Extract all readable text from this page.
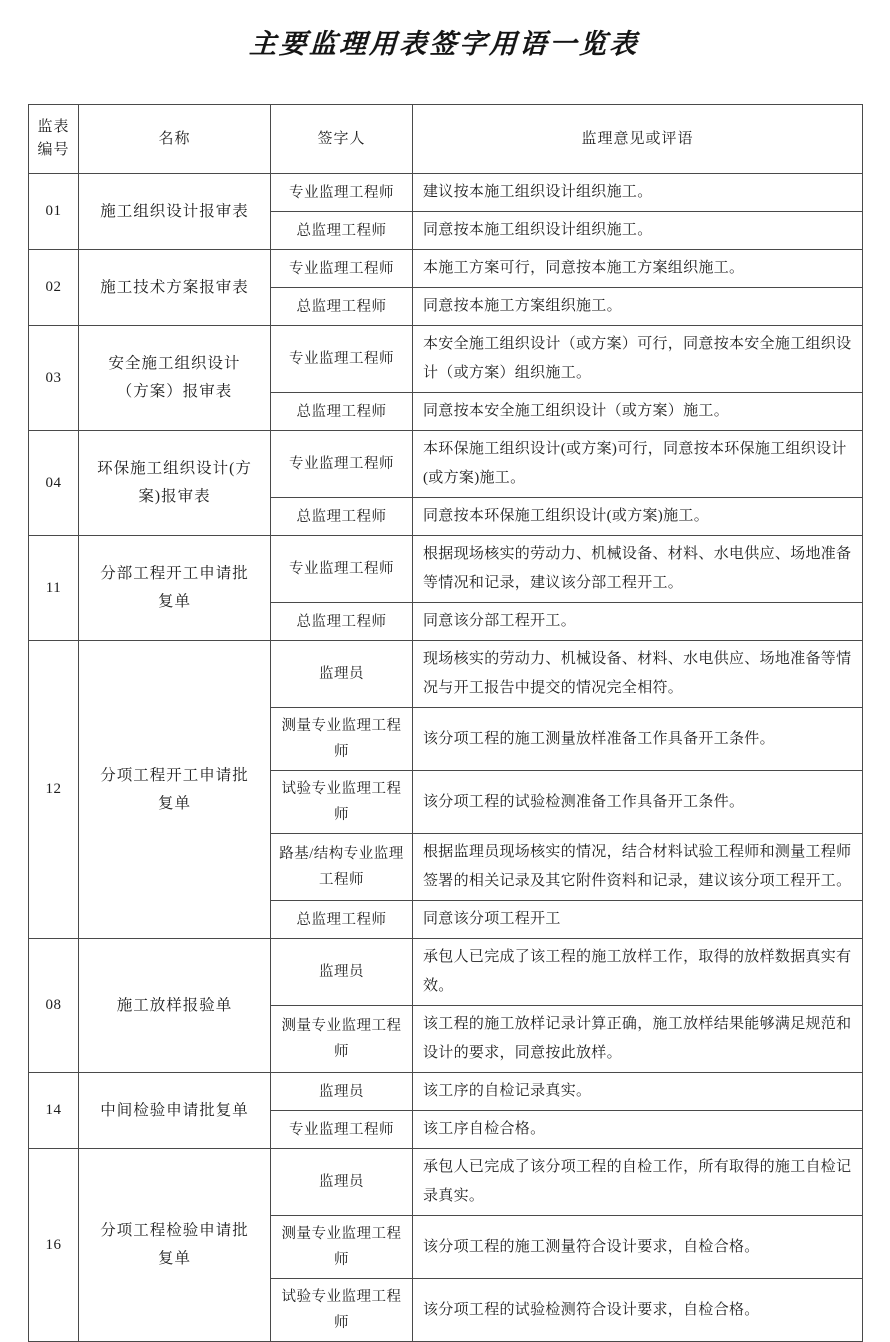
主要监理用表签字用语一览表
监表
编号	名称	签字人	监理意见或评语
01	施工组织设计报审表	专业监理工程师	建议按本施工组织设计组织施工。
		总监理工程师	同意按本施工组织设计组织施工。
02	施工技术方案报审表	专业监理工程师	本施工方案可行，同意按本施工方案组织施工。
		总监理工程师	同意按本施工方案组织施工。
03	安全施工组织设计（方案）报审表	专业监理工程师	本安全施工组织设计（或方案）可行，同意按本安全施工组织设计（或方案）组织施工。
		总监理工程师	同意按本安全施工组织设计（或方案）施工。
04	环保施工组织设计(方案)报审表	专业监理工程师	本环保施工组织设计(或方案)可行，同意按本环保施工组织设计(或方案)施工。
		总监理工程师	同意按本环保施工组织设计(或方案)施工。
11	分部工程开工申请批复单	专业监理工程师	根据现场核实的劳动力、机械设备、材料、水电供应、场地准备等情况和记录，建议该分部工程开工。
		总监理工程师	同意该分部工程开工。
12	分项工程开工申请批复单	监理员	现场核实的劳动力、机械设备、材料、水电供应、场地准备等情况与开工报告中提交的情况完全相符。
		测量专业监理工程师	该分项工程的施工测量放样准备工作具备开工条件。
		试验专业监理工程师	该分项工程的试验检测准备工作具备开工条件。
		路基/结构专业监理工程师	根据监理员现场核实的情况，结合材料试验工程师和测量工程师签署的相关记录及其它附件资料和记录，建议该分项工程开工。
		总监理工程师	同意该分项工程开工
08	施工放样报验单	监理员	承包人已完成了该工程的施工放样工作，取得的放样数据真实有效。
		测量专业监理工程师	该工程的施工放样记录计算正确，施工放样结果能够满足规范和设计的要求，同意按此放样。
14	中间检验申请批复单	监理员	该工序的自检记录真实。
		专业监理工程师	该工序自检合格。
16	分项工程检验申请批复单	监理员	承包人已完成了该分项工程的自检工作，所有取得的施工自检记录真实。
		测量专业监理工程师	该分项工程的施工测量符合设计要求，自检合格。
		试验专业监理工程师	该分项工程的试验检测符合设计要求，自检合格。
